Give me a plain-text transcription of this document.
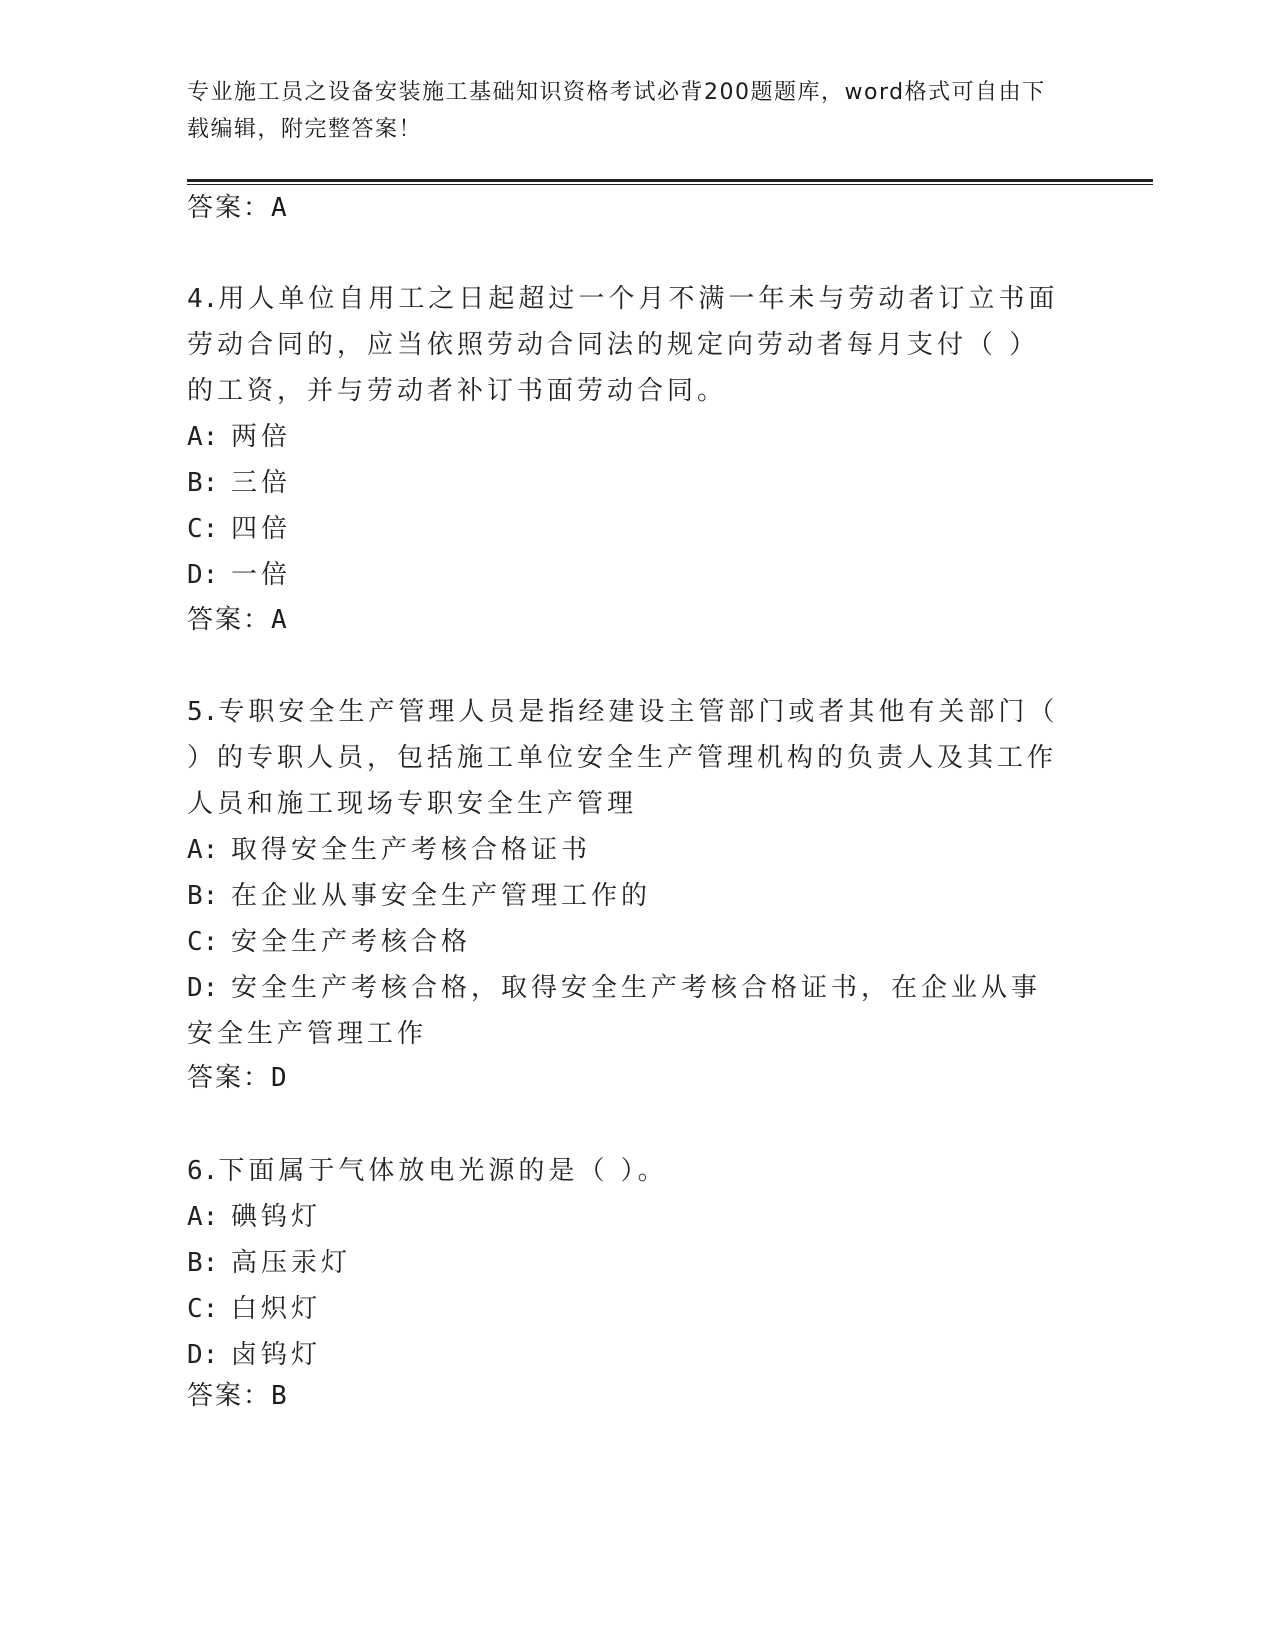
专业施工员之设备安装施工基础知识资格考试必背200题题库，word格式可自由下载编辑，附完整答案！
答案：A
4.用人单位自用工之日起超过一个月不满一年未与劳动者订立书面劳动合同的，应当依照劳动合同法的规定向劳动者每月支付（ ）的工资，并与劳动者补订书面劳动合同。
A: 两倍
B: 三倍
C: 四倍
D: 一倍
答案：A
5.专职安全生产管理人员是指经建设主管部门或者其他有关部门（ ）的专职人员，包括施工单位安全生产管理机构的负责人及其工作人员和施工现场专职安全生产管理
A: 取得安全生产考核合格证书
B: 在企业从事安全生产管理工作的
C: 安全生产考核合格
D: 安全生产考核合格，取得安全生产考核合格证书，在企业从事安全生产管理工作
答案：D
6.下面属于气体放电光源的是（ ）。
A: 碘钨灯
B: 高压汞灯
C: 白炽灯
D: 卤钨灯
答案：B
